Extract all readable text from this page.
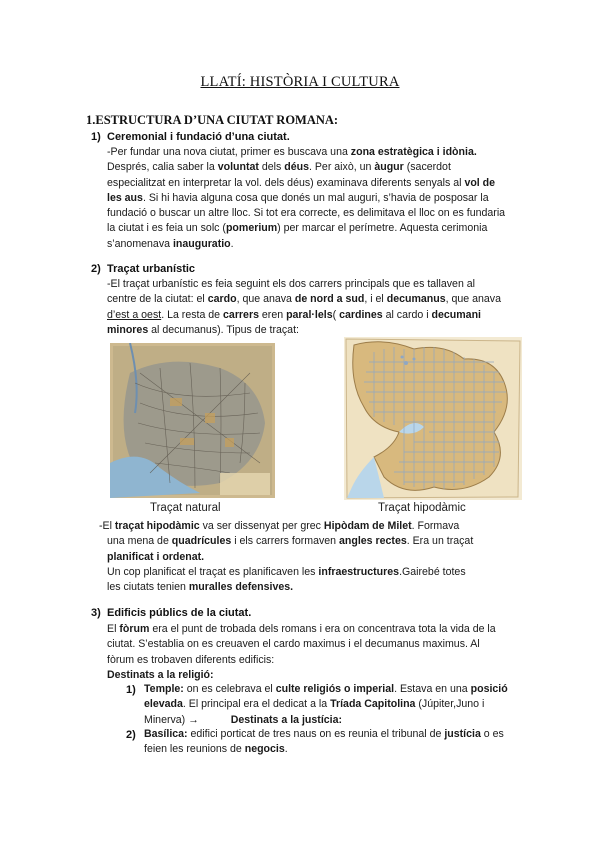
LLATÍ: HISTÒRIA I CULTURA
1.ESTRUCTURA D’UNA CIUTAT ROMANA:
1) Ceremonial i fundació d’una ciutat.
-Per fundar una nova ciutat, primer es buscava una zona estratègica i idònia.
Després, calia saber la voluntat dels déus. Per això, un àugur (sacerdot
especialitzat en interpretar la vol. dels déus) examinava diferents senyals al vol de
les aus. Si hi havia alguna cosa que donés un mal auguri, s’havia de posposar la
fundació o buscar un altre lloc. Si tot era correcte, es delimitava el lloc on es fundaria
la ciutat i es feia un solc (pomerium) per marcar el perímetre. Aquesta cerimonia
s’anomenava inauguratio.
2) Traçat urbanístic
-El traçat urbanístic es feia seguint els dos carrers principals que es tallaven al
centre de la ciutat: el cardo, que anava de nord a sud, i el decumanus, que anava
d’est a oest. La resta de carrers eren paral·lels( cardines al cardo i decumani
minores al decumanus). Tipus de traçat:
Traçat natural	Traçat hipodàmic
-El traçat hipodàmic va ser dissenyat per grec Hipòdam de Milet. Formava
una mena de quadrícules i els carrers formaven angles rectes. Era un traçat
planificat i ordenat.
Un cop planificat el traçat es planificaven les infraestructures.Gairebé totes
les ciutats tenien muralles defensives.
3) Edificis públics de la ciutat.
El fòrum era el punt de trobada dels romans i era on concentrava tota la vida de la
ciutat. S’establia on es creuaven el cardo maximus i el decumanus maximus. Al
fòrum es trobaven diferents edificis:
Destinats a la religió:
1) Temple: on es celebrava el culte religiós o imperial. Estava en una posició
elevada. El principal era el dedicat a la Tríada Capitolina (Júpiter,Juno i
Minerva) →	Destinats a la justícia:
2) Basílica: edifici porticat de tres naus on es reunia el tribunal de justícia o es
feien les reunions de negocis.
